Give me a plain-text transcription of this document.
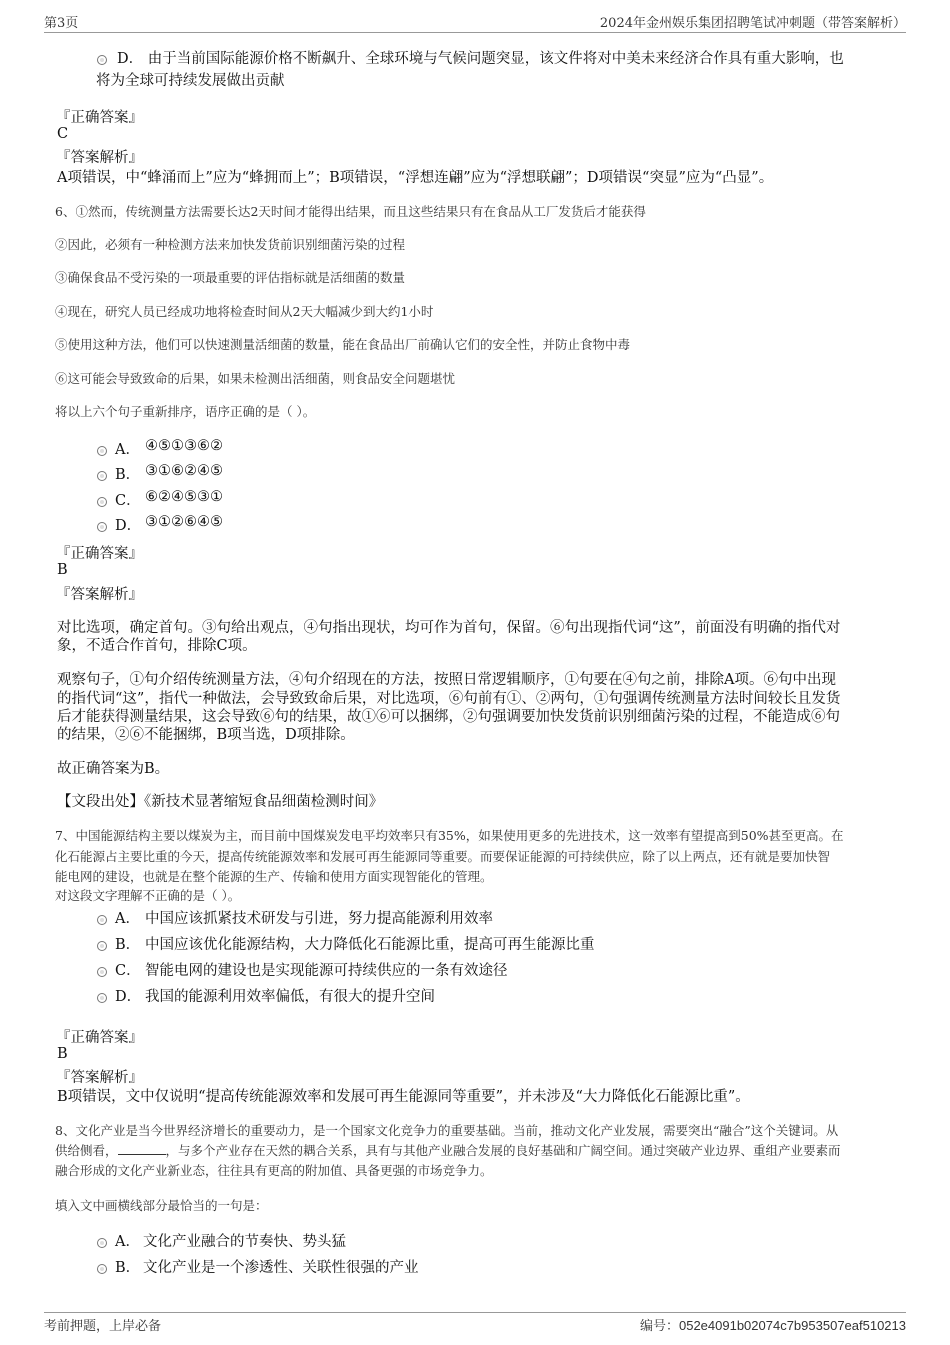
第3页	2024年金州娱乐集团招聘笔试冲刺题（带答案解析）
D． 由于当前国际能源价格不断飙升、全球环境与气候问题突显，该文件将对中美未来经济合作具有重大影响，也
将为全球可持续发展做出贡献
『正确答案』
C
『答案解析』
A项错误，中“蜂涌而上”应为“蜂拥而上”；B项错误，“浮想连翩”应为“浮想联翩”；D项错误“突显”应为“凸显”。
6、①然而，传统测量方法需要长达2天时间才能得出结果，而且这些结果只有在食品从工厂发货后才能获得
②因此，必须有一种检测方法来加快发货前识别细菌污染的过程
③确保食品不受污染的一项最重要的评估指标就是活细菌的数量
④现在，研究人员已经成功地将检查时间从2天大幅减少到大约1小时
⑤使用这种方法，他们可以快速测量活细菌的数量，能在食品出厂前确认它们的安全性，并防止食物中毒
⑥这可能会导致致命的后果，如果未检测出活细菌，则食品安全问题堪忧
将以上六个句子重新排序，语序正确的是（ ）。
A． ④⑤①③⑥②
B． ③①⑥②④⑤
C． ⑥②④⑤③①
D． ③①②⑥④⑤
『正确答案』
B
『答案解析』
对比选项，确定首句。③句给出观点，④句指出现状，均可作为首句，保留。⑥句出现指代词“这”，前面没有明确的指代对
象，不适合作首句，排除C项。
观察句子，①句介绍传统测量方法，④句介绍现在的方法，按照日常逻辑顺序，①句要在④句之前，排除A项。⑥句中出现
的指代词“这”，指代一种做法，会导致致命后果，对比选项，⑥句前有①、②两句，①句强调传统测量方法时间较长且发货
后才能获得测量结果，这会导致⑥句的结果，故①⑥可以捆绑，②句强调要加快发货前识别细菌污染的过程，不能造成⑥句
的结果，②⑥不能捆绑，B项当选，D项排除。
故正确答案为B。
【文段出处】《新技术显著缩短食品细菌检测时间》
7、中国能源结构主要以煤炭为主，而目前中国煤炭发电平均效率只有35%，如果使用更多的先进技术，这一效率有望提高到50%甚至更高。在
化石能源占主要比重的今天，提高传统能源效率和发展可再生能源同等重要。而要保证能源的可持续供应，除了以上两点，还有就是要加快智
能电网的建设，也就是在整个能源的生产、传输和使用方面实现智能化的管理。
对这段文字理解不正确的是（ ）。
A． 中国应该抓紧技术研发与引进，努力提高能源利用效率
B． 中国应该优化能源结构，大力降低化石能源比重，提高可再生能源比重
C． 智能电网的建设也是实现能源可持续供应的一条有效途径
D． 我国的能源利用效率偏低，有很大的提升空间
『正确答案』
B
『答案解析』
B项错误，文中仅说明“提高传统能源效率和发展可再生能源同等重要”，并未涉及“大力降低化石能源比重”。
8、文化产业是当今世界经济增长的重要动力，是一个国家文化竞争力的重要基础。当前，推动文化产业发展，需要突出“融合”这个关键词。从
供给侧看，	，与多个产业存在天然的耦合关系，具有与其他产业融合发展的良好基础和广阔空间。通过突破产业边界、重组产业要素而
融合形成的文化产业新业态，往往具有更高的附加值、具备更强的市场竞争力。
填入文中画横线部分最恰当的一句是：
A． 文化产业融合的节奏快、势头猛
B． 文化产业是一个渗透性、关联性很强的产业
考前押题，上岸必备	编号：052e4091b02074c7b953507eaf510213
